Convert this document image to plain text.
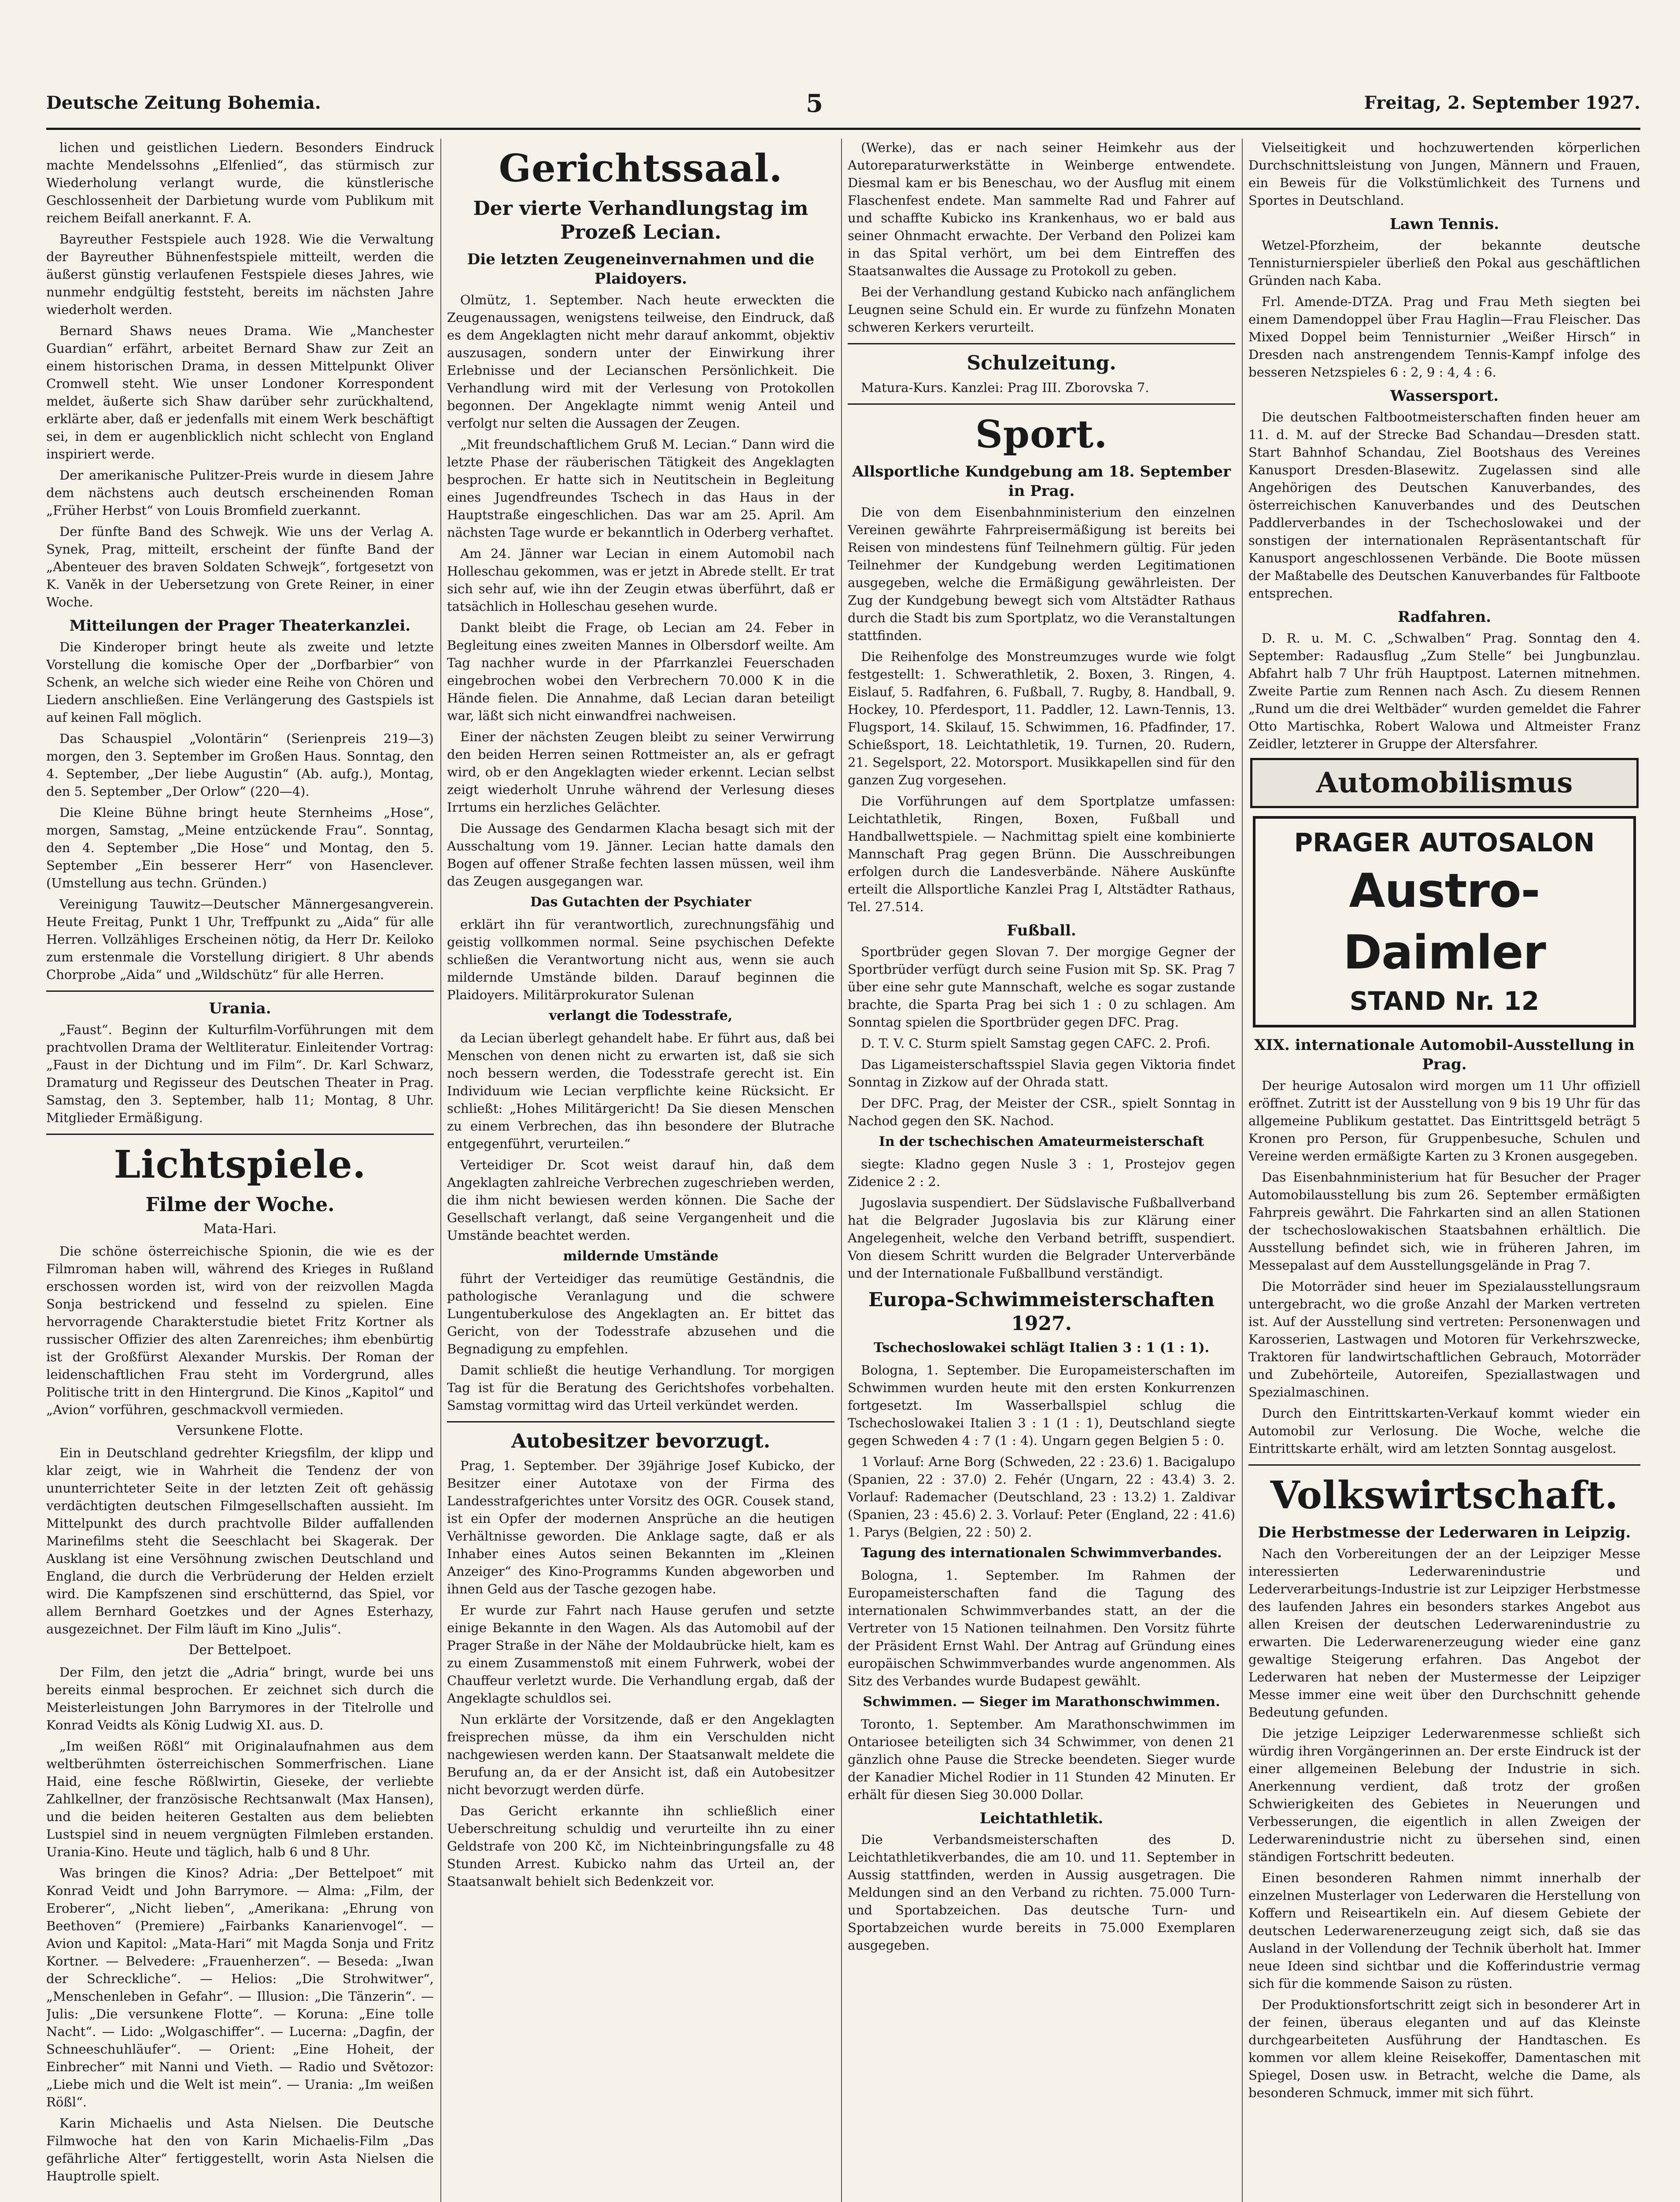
Deutsche Zeitung Bohemia.	5	Freitag, 2. September 1927.

lichen und geistlichen Liedern. Besonders Eindruck machte Mendelssohns „Elfenlied“, das stürmisch zur Wiederholung verlangt wurde, die künstlerische Geschlossenheit der Darbietung wurde vom Publikum mit reichem Beifall anerkannt. F. A.

Bayreuther Festspiele auch 1928. Wie die Verwaltung der Bayreuther Bühnenfestspiele mitteilt, werden die äußerst günstig verlaufenen Festspiele dieses Jahres, wie nunmehr endgültig feststeht, bereits im nächsten Jahre wiederholt werden.

Bernard Shaws neues Drama. Wie „Manchester Guardian“ erfährt, arbeitet Bernard Shaw zur Zeit an einem historischen Drama, in dessen Mittelpunkt Oliver Cromwell steht. Wie unser Londoner Korrespondent meldet, äußerte sich Shaw darüber sehr zurückhaltend, erklärte aber, daß er jedenfalls mit einem Werk beschäftigt sei, in dem er augenblicklich nicht schlecht von England inspiriert werde.

Der amerikanische Pulitzer-Preis wurde in diesem Jahre dem nächstens auch deutsch erscheinenden Roman „Früher Herbst“ von Louis Bromfield zuerkannt.

Der fünfte Band des Schwejk. Wie uns der Verlag A. Synek, Prag, mitteilt, erscheint der fünfte Band der „Abenteuer des braven Soldaten Schwejk“, fortgesetzt von K. Vaněk in der Uebersetzung von Grete Reiner, in einer Woche.

Mitteilungen der Prager Theaterkanzlei.

Die Kinderoper bringt heute als zweite und letzte Vorstellung die komische Oper der „Dorfbarbier“ von Schenk, an welche sich wieder eine Reihe von Chören und Liedern anschließen. Eine Verlängerung des Gastspiels ist auf keinen Fall möglich.

Das Schauspiel „Volontärin“ (Serienpreis 219—3) morgen, den 3. September im Großen Haus. Sonntag, den 4. September, „Der liebe Augustin“ (Ab. aufg.), Montag, den 5. September „Der Orlow“ (220—4).

Die Kleine Bühne bringt heute Sternheims „Hose“, morgen, Samstag, „Meine entzückende Frau“. Sonntag, den 4. September „Die Hose“ und Montag, den 5. September „Ein besserer Herr“ von Hasenclever. (Umstellung aus techn. Gründen.)

Vereinigung Tauwitz—Deutscher Männergesangverein. Heute Freitag, Punkt 1 Uhr, Treffpunkt zu „Aida“ für alle Herren. Vollzähliges Erscheinen nötig, da Herr Dr. Keiloko zum erstenmale die Vorstellung dirigiert. 8 Uhr abends Chorprobe „Aida“ und „Wildschütz“ für alle Herren.

Urania.

„Faust“. Beginn der Kulturfilm-Vorführungen mit dem prachtvollen Drama der Weltliteratur. Einleitender Vortrag: „Faust in der Dichtung und im Film“. Dr. Karl Schwarz, Dramaturg und Regisseur des Deutschen Theater in Prag. Samstag, den 3. September, halb 11; Montag, 8 Uhr. Mitglieder Ermäßigung.

Lichtspiele.
Filme der Woche.
Mata-Hari.

Die schöne österreichische Spionin, die wie es der Filmroman haben will, während des Krieges in Rußland erschossen worden ist, wird von der reizvollen Magda Sonja bestrickend und fesselnd zu spielen. Eine hervorragende Charakterstudie bietet Fritz Kortner als russischer Offizier des alten Zarenreiches; ihm ebenbürtig ist der Großfürst Alexander Murskis. Der Roman der leidenschaftlichen Frau steht im Vordergrund, alles Politische tritt in den Hintergrund. Die Kinos „Kapitol“ und „Avion“ vorführen, geschmackvoll vermieden.

Versunkene Flotte.

Ein in Deutschland gedrehter Kriegsfilm, der klipp und klar zeigt, wie in Wahrheit die Tendenz der von ununterrichteter Seite in der letzten Zeit oft gehässig verdächtigten deutschen Filmgesellschaften aussieht. Im Mittelpunkt des durch prachtvolle Bilder auffallenden Marinefilms steht die Seeschlacht bei Skagerak. Der Ausklang ist eine Versöhnung zwischen Deutschland und England, die durch die Verbrüderung der Helden erzielt wird. Die Kampfszenen sind erschütternd, das Spiel, vor allem Bernhard Goetzkes und der Agnes Esterhazy, ausgezeichnet. Der Film läuft im Kino „Julis“.

Der Bettelpoet.

Der Film, den jetzt die „Adria“ bringt, wurde bei uns bereits einmal besprochen. Er zeichnet sich durch die Meisterleistungen John Barrymores in der Titelrolle und Konrad Veidts als König Ludwig XI. aus. D.

„Im weißen Rößl“ mit Originalaufnahmen aus dem weltberühmten österreichischen Sommerfrischen. Liane Haid, eine fesche Rößlwirtin, Gieseke, der verliebte Zahlkellner, der französische Rechtsanwalt (Max Hansen), und die beiden heiteren Gestalten aus dem beliebten Lustspiel sind in neuem vergnügten Filmleben erstanden. Urania-Kino. Heute und täglich, halb 6 und 8 Uhr.

Was bringen die Kinos? Adria: „Der Bettelpoet“ mit Konrad Veidt und John Barrymore. — Alma: „Film, der Eroberer“, „Nicht lieben“, „Amerikana: „Ehrung von Beethoven“ (Premiere) „Fairbanks Kanarienvogel“. — Avion und Kapitol: „Mata-Hari“ mit Magda Sonja und Fritz Kortner. — Belvedere: „Frauenherzen“. — Beseda: „Iwan der Schreckliche“. — Helios: „Die Strohwitwer“, „Menschenleben in Gefahr“. — Illusion: „Die Tänzerin“. — Julis: „Die versunkene Flotte“. — Koruna: „Eine tolle Nacht“. — Lido: „Wolgaschiffer“. — Lucerna: „Dagfin, der Schneeschuhläufer“. — Orient: „Eine Hoheit, der Einbrecher“ mit Nanni und Vieth. — Radio und Světozor: „Liebe mich und die Welt ist mein“. — Urania: „Im weißen Rößl“.

Karin Michaelis und Asta Nielsen. Die Deutsche Filmwoche hat den von Karin Michaelis-Film „Das gefährliche Alter“ fertiggestellt, worin Asta Nielsen die Hauptrolle spielt.

Gerichtssaal.
Der vierte Verhandlungstag im Prozeß Lecian.
Die letzten Zeugeneinvernahmen und die Plaidoyers.

Olmütz, 1. September. Nach heute erweckten die Zeugenaussagen, wenigstens teilweise, den Eindruck, daß es dem Angeklagten nicht mehr darauf ankommt, objektiv auszusagen, sondern unter der Einwirkung ihrer Erlebnisse und der Lecianschen Persönlichkeit. Die Verhandlung wird mit der Verlesung von Protokollen begonnen. Der Angeklagte nimmt wenig Anteil und verfolgt nur selten die Aussagen der Zeugen.

„Mit freundschaftlichem Gruß M. Lecian.“ Dann wird die letzte Phase der räuberischen Tätigkeit des Angeklagten besprochen. Er hatte sich in Neutitschein in Begleitung eines Jugendfreundes Tschech in das Haus in der Hauptstraße eingeschlichen. Das war am 25. April. Am nächsten Tage wurde er bekanntlich in Oderberg verhaftet.

Am 24. Jänner war Lecian in einem Automobil nach Holleschau gekommen, was er jetzt in Abrede stellt. Er trat sich sehr auf, wie ihn der Zeugin etwas überführt, daß er tatsächlich in Holleschau gesehen wurde.

Dankt bleibt die Frage, ob Lecian am 24. Feber in Begleitung eines zweiten Mannes in Olbersdorf weilte. Am Tag nachher wurde in der Pfarrkanzlei Feuerschaden eingebrochen wobei den Verbrechern 70.000 K in die Hände fielen. Die Annahme, daß Lecian daran beteiligt war, läßt sich nicht einwandfrei nachweisen.

Einer der nächsten Zeugen bleibt zu seiner Verwirrung den beiden Herren seinen Rottmeister an, als er gefragt wird, ob er den Angeklagten wieder erkennt. Lecian selbst zeigt wiederholt Unruhe während der Verlesung dieses Irrtums ein herzliches Gelächter.

Die Aussage des Gendarmen Klacha besagt sich mit der Ausschaltung vom 19. Jänner. Lecian hatte damals den Bogen auf offener Straße fechten lassen müssen, weil ihm das Zeugen ausgegangen war.

Das Gutachten der Psychiater

erklärt ihn für verantwortlich, zurechnungsfähig und geistig vollkommen normal. Seine psychischen Defekte schließen die Verantwortung nicht aus, wenn sie auch mildernde Umstände bilden. Darauf beginnen die Plaidoyers. Militärprokurator Sulenan

verlangt die Todesstrafe,

da Lecian überlegt gehandelt habe. Er führt aus, daß bei Menschen von denen nicht zu erwarten ist, daß sie sich noch bessern werden, die Todesstrafe gerecht ist. Ein Individuum wie Lecian verpflichte keine Rücksicht. Er schließt: „Hohes Militärgericht! Da Sie diesen Menschen zu einem Verbrechen, das ihn besondere der Blutrache entgegenführt, verurteilen.“

Verteidiger Dr. Scot weist darauf hin, daß dem Angeklagten zahlreiche Verbrechen zugeschrieben werden, die ihm nicht bewiesen werden können. Die Sache der Gesellschaft verlangt, daß seine Vergangenheit und die Umstände beachtet werden.

mildernde Umstände

führt der Verteidiger das reumütige Geständnis, die pathologische Veranlagung und die schwere Lungentuberkulose des Angeklagten an. Er bittet das Gericht, von der Todesstrafe abzusehen und die Begnadigung zu empfehlen.

Damit schließt die heutige Verhandlung. Tor morgigen Tag ist für die Beratung des Gerichtshofes vorbehalten. Samstag vormittag wird das Urteil verkündet werden.

Autobesitzer bevorzugt.

Prag, 1. September. Der 39jährige Josef Kubicko, der Besitzer einer Autotaxe von der Firma des Landesstrafgerichtes unter Vorsitz des OGR. Cousek stand, ist ein Opfer der modernen Ansprüche an die heutigen Verhältnisse geworden. Die Anklage sagte, daß er als Inhaber eines Autos seinen Bekannten im „Kleinen Anzeiger“ des Kino-Programms Kunden abgeworben und ihnen Geld aus der Tasche gezogen habe.

Er wurde zur Fahrt nach Hause gerufen und setzte einige Bekannte in den Wagen. Als das Automobil auf der Prager Straße in der Nähe der Moldaubrücke hielt, kam es zu einem Zusammenstoß mit einem Fuhrwerk, wobei der Chauffeur verletzt wurde. Die Verhandlung ergab, daß der Angeklagte schuldlos sei.

Nun erklärte der Vorsitzende, daß er den Angeklagten freisprechen müsse, da ihm ein Verschulden nicht nachgewiesen werden kann. Der Staatsanwalt meldete die Berufung an, da er der Ansicht ist, daß ein Autobesitzer nicht bevorzugt werden dürfe.

Das Gericht erkannte ihn schließlich einer Ueberschreitung schuldig und verurteilte ihn zu einer Geldstrafe von 200 Kč, im Nichteinbringungsfalle zu 48 Stunden Arrest. Kubicko nahm das Urteil an, der Staatsanwalt behielt sich Bedenkzeit vor.

(Werke), das er nach seiner Heimkehr aus der Autoreparaturwerkstätte in Weinberge entwendete. Diesmal kam er bis Beneschau, wo der Ausflug mit einem Flaschenfest endete. Man sammelte Rad und Fahrer auf und schaffte Kubicko ins Krankenhaus, wo er bald aus seiner Ohnmacht erwachte. Der Verband den Polizei kam in das Spital verhört, um bei dem Eintreffen des Staatsanwaltes die Aussage zu Protokoll zu geben.

Bei der Verhandlung gestand Kubicko nach anfänglichem Leugnen seine Schuld ein. Er wurde zu fünfzehn Monaten schweren Kerkers verurteilt.

Schulzeitung.

Matura-Kurs. Kanzlei: Prag III. Zborovska 7.

Sport.
Allsportliche Kundgebung am 18. September in Prag.

Die von dem Eisenbahnministerium den einzelnen Vereinen gewährte Fahrpreisermäßigung ist bereits bei Reisen von mindestens fünf Teilnehmern gültig. Für jeden Teilnehmer der Kundgebung werden Legitimationen ausgegeben, welche die Ermäßigung gewährleisten. Der Zug der Kundgebung bewegt sich vom Altstädter Rathaus durch die Stadt bis zum Sportplatz, wo die Veranstaltungen stattfinden.

Die Reihenfolge des Monstreumzuges wurde wie folgt festgestellt: 1. Schwerathletik, 2. Boxen, 3. Ringen, 4. Eislauf, 5. Radfahren, 6. Fußball, 7. Rugby, 8. Handball, 9. Hockey, 10. Pferdesport, 11. Paddler, 12. Lawn-Tennis, 13. Flugsport, 14. Skilauf, 15. Schwimmen, 16. Pfadfinder, 17. Schießsport, 18. Leichtathletik, 19. Turnen, 20. Rudern, 21. Segelsport, 22. Motorsport. Musikkapellen sind für den ganzen Zug vorgesehen.

Die Vorführungen auf dem Sportplatze umfassen: Leichtathletik, Ringen, Boxen, Fußball und Handballwettspiele. — Nachmittag spielt eine kombinierte Mannschaft Prag gegen Brünn. Die Ausschreibungen erfolgen durch die Landesverbände. Nähere Auskünfte erteilt die Allsportliche Kanzlei Prag I, Altstädter Rathaus, Tel. 27.514.

Fußball.

Sportbrüder gegen Slovan 7. Der morgige Gegner der Sportbrüder verfügt durch seine Fusion mit Sp. SK. Prag 7 über eine sehr gute Mannschaft, welche es sogar zustande brachte, die Sparta Prag bei sich 1 : 0 zu schlagen. Am Sonntag spielen die Sportbrüder gegen DFC. Prag.

D. T. V. C. Sturm spielt Samstag gegen CAFC. 2. Profi.

Das Ligameisterschaftsspiel Slavia gegen Viktoria findet Sonntag in Zizkow auf der Ohrada statt.

Der DFC. Prag, der Meister der CSR., spielt Sonntag in Nachod gegen den SK. Nachod.

In der tschechischen Amateurmeisterschaft

siegte: Kladno gegen Nusle 3 : 1, Prostejov gegen Zidenice 2 : 2.

Jugoslavia suspendiert. Der Südslavische Fußballverband hat die Belgrader Jugoslavia bis zur Klärung einer Angelegenheit, welche den Verband betrifft, suspendiert. Von diesem Schritt wurden die Belgrader Unterverbände und der Internationale Fußballbund verständigt.

Europa-Schwimmeisterschaften 1927.
Tschechoslowakei schlägt Italien 3 : 1 (1 : 1).

Bologna, 1. September. Die Europameisterschaften im Schwimmen wurden heute mit den ersten Konkurrenzen fortgesetzt. Im Wasserballspiel schlug die Tschechoslowakei Italien 3 : 1 (1 : 1), Deutschland siegte gegen Schweden 4 : 7 (1 : 4). Ungarn gegen Belgien 5 : 0.

1 Vorlauf: Arne Borg (Schweden, 22 : 23.6) 1. Bacigalupo (Spanien, 22 : 37.0) 2. Fehér (Ungarn, 22 : 43.4) 3. 2. Vorlauf: Rademacher (Deutschland, 23 : 13.2) 1. Zaldivar (Spanien, 23 : 45.6) 2. 3. Vorlauf: Peter (England, 22 : 41.6) 1. Parys (Belgien, 22 : 50) 2.

Tagung des internationalen Schwimmverbandes.

Bologna, 1. September. Im Rahmen der Europameisterschaften fand die Tagung des internationalen Schwimmverbandes statt, an der die Vertreter von 15 Nationen teilnahmen. Den Vorsitz führte der Präsident Ernst Wahl. Der Antrag auf Gründung eines europäischen Schwimmverbandes wurde angenommen. Als Sitz des Verbandes wurde Budapest gewählt.

Schwimmen. — Sieger im Marathonschwimmen.

Toronto, 1. September. Am Marathonschwimmen im Ontariosee beteiligten sich 34 Schwimmer, von denen 21 gänzlich ohne Pause die Strecke beendeten. Sieger wurde der Kanadier Michel Rodier in 11 Stunden 42 Minuten. Er erhält für diesen Sieg 30.000 Dollar.

Leichtathletik.

Die Verbandsmeisterschaften des D. Leichtathletikverbandes, die am 10. und 11. September in Aussig stattfinden, werden in Aussig ausgetragen. Die Meldungen sind an den Verband zu richten. 75.000 Turn- und Sportabzeichen. Das deutsche Turn- und Sportabzeichen wurde bereits in 75.000 Exemplaren ausgegeben.

Vielseitigkeit und hochzuwertenden körperlichen Durchschnittsleistung von Jungen, Männern und Frauen, ein Beweis für die Volkstümlichkeit des Turnens und Sportes in Deutschland.

Lawn Tennis.

Wetzel-Pforzheim, der bekannte deutsche Tennisturnierspieler überließ den Pokal aus geschäftlichen Gründen nach Kaba.

Frl. Amende-DTZA. Prag und Frau Meth siegten bei einem Damendoppel über Frau Haglin—Frau Fleischer. Das Mixed Doppel beim Tennisturnier „Weißer Hirsch“ in Dresden nach anstrengendem Tennis-Kampf infolge des besseren Netzspieles 6 : 2, 9 : 4, 4 : 6.

Wassersport.

Die deutschen Faltbootmeisterschaften finden heuer am 11. d. M. auf der Strecke Bad Schandau—Dresden statt. Start Bahnhof Schandau, Ziel Bootshaus des Vereines Kanusport Dresden-Blasewitz. Zugelassen sind alle Angehörigen des Deutschen Kanuverbandes, des österreichischen Kanuverbandes und des Deutschen Paddlerverbandes in der Tschechoslowakei und der sonstigen der internationalen Repräsentantschaft für Kanusport angeschlossenen Verbände. Die Boote müssen der Maßtabelle des Deutschen Kanuverbandes für Faltboote entsprechen.

Radfahren.

D. R. u. M. C. „Schwalben“ Prag. Sonntag den 4. September: Radausflug „Zum Stelle“ bei Jungbunzlau. Abfahrt halb 7 Uhr früh Hauptpost. Laternen mitnehmen. Zweite Partie zum Rennen nach Asch. Zu diesem Rennen „Rund um die drei Weltbäder“ wurden gemeldet die Fahrer Otto Martischka, Robert Walowa und Altmeister Franz Zeidler, letzterer in Gruppe der Altersfahrer.

Automobilismus
PRAGER AUTOSALON
Austro-Daimler
STAND Nr. 12
XIX. internationale Automobil-Ausstellung in Prag.

Der heurige Autosalon wird morgen um 11 Uhr offiziell eröffnet. Zutritt ist der Ausstellung von 9 bis 19 Uhr für das allgemeine Publikum gestattet. Das Eintrittsgeld beträgt 5 Kronen pro Person, für Gruppenbesuche, Schulen und Vereine werden ermäßigte Karten zu 3 Kronen ausgegeben.

Das Eisenbahnministerium hat für Besucher der Prager Automobilausstellung bis zum 26. September ermäßigten Fahrpreis gewährt. Die Fahrkarten sind an allen Stationen der tschechoslowakischen Staatsbahnen erhältlich. Die Ausstellung befindet sich, wie in früheren Jahren, im Messepalast auf dem Ausstellungsgelände in Prag 7.

Die Motorräder sind heuer im Spezialausstellungsraum untergebracht, wo die große Anzahl der Marken vertreten ist. Auf der Ausstellung sind vertreten: Personenwagen und Karosserien, Lastwagen und Motoren für Verkehrszwecke, Traktoren für landwirtschaftlichen Gebrauch, Motorräder und Zubehörteile, Autoreifen, Speziallastwagen und Spezialmaschinen.

Durch den Eintrittskarten-Verkauf kommt wieder ein Automobil zur Verlosung. Die Woche, welche die Eintrittskarte erhält, wird am letzten Sonntag ausgelost.

Volkswirtschaft.
Die Herbstmesse der Lederwaren in Leipzig.

Nach den Vorbereitungen der an der Leipziger Messe interessierten Lederwarenindustrie und Lederverarbeitungs-Industrie ist zur Leipziger Herbstmesse des laufenden Jahres ein besonders starkes Angebot aus allen Kreisen der deutschen Lederwarenindustrie zu erwarten. Die Lederwarenerzeugung wieder eine ganz gewaltige Steigerung erfahren. Das Angebot der Lederwaren hat neben der Mustermesse der Leipziger Messe immer eine weit über den Durchschnitt gehende Bedeutung gefunden.

Die jetzige Leipziger Lederwarenmesse schließt sich würdig ihren Vorgängerinnen an. Der erste Eindruck ist der einer allgemeinen Belebung der Industrie in sich. Anerkennung verdient, daß trotz der großen Schwierigkeiten des Gebietes in Neuerungen und Verbesserungen, die eigentlich in allen Zweigen der Lederwarenindustrie nicht zu übersehen sind, einen ständigen Fortschritt bedeuten.

Einen besonderen Rahmen nimmt innerhalb der einzelnen Musterlager von Lederwaren die Herstellung von Koffern und Reiseartikeln ein. Auf diesem Gebiete der deutschen Lederwarenerzeugung zeigt sich, daß sie das Ausland in der Vollendung der Technik überholt hat. Immer neue Ideen sind sichtbar und die Kofferindustrie vermag sich für die kommende Saison zu rüsten.

Der Produktionsfortschritt zeigt sich in besonderer Art in der feinen, überaus eleganten und auf das Kleinste durchgearbeiteten Ausführung der Handtaschen. Es kommen vor allem kleine Reisekoffer, Damentaschen mit Spiegel, Dosen usw. in Betracht, welche die Dame, als besonderen Schmuck, immer mit sich führt.
